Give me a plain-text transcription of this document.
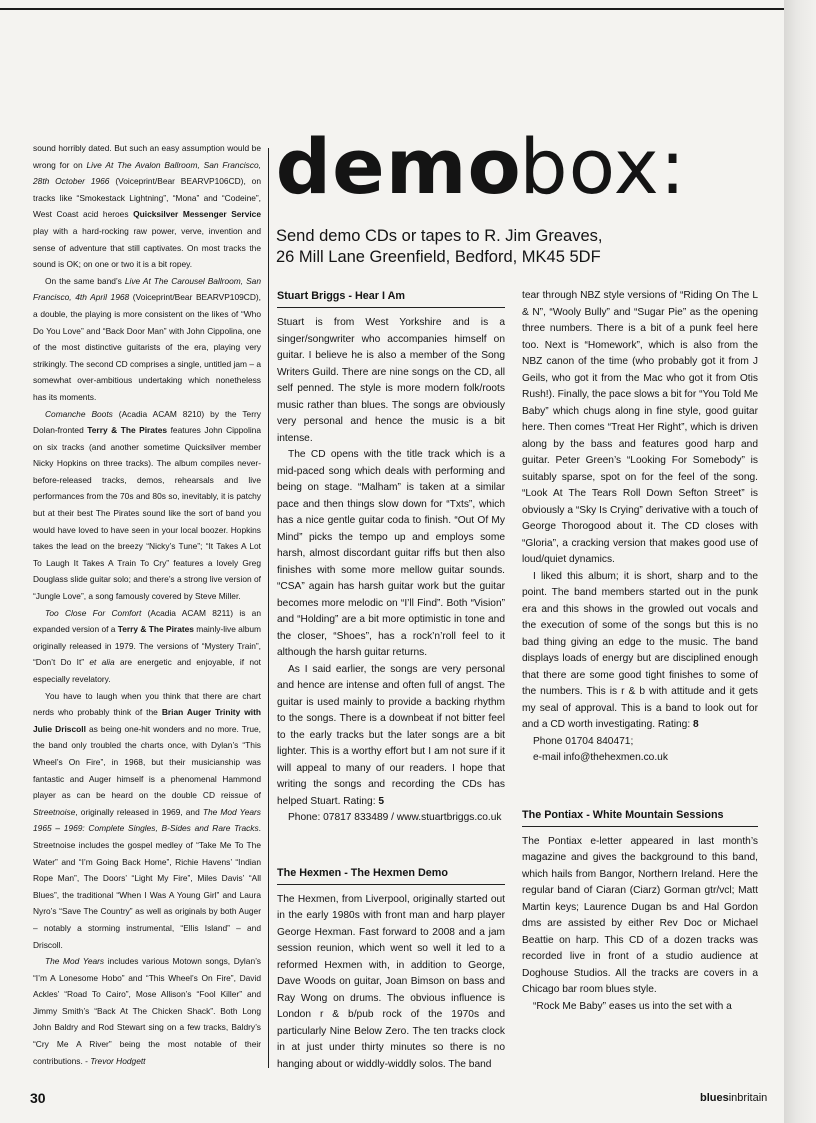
sound horribly dated. But such an easy assumption would be wrong for on Live At The Avalon Ballroom, San Francisco, 28th October 1966 (Voiceprint/Bear BEARVP106CD), on tracks like “Smokestack Lightning”, “Mona” and “Codeine”, West Coast acid heroes Quicksilver Messenger Service play with a hard-rocking raw power, verve, invention and sense of adventure that still captivates. On most tracks the sound is OK; on one or two it is a bit ropey.

On the same band’s Live At The Carousel Ballroom, San Francisco, 4th April 1968 (Voiceprint/Bear BEARVP109CD), a double, the playing is more consistent on the likes of “Who Do You Love” and “Back Door Man” with John Cippolina, one of the most distinctive guitarists of the era, playing very strikingly. The second CD comprises a single, untitled jam – a somewhat over-ambitious undertaking which nonetheless has its moments.

Comanche Boots (Acadia ACAM 8210) by the Terry Dolan-fronted Terry & The Pirates features John Cippolina on six tracks (and another sometime Quicksilver member Nicky Hopkins on three tracks). The album compiles never-before-released tracks, demos, rehearsals and live performances from the 70s and 80s so, inevitably, it is patchy but at their best The Pirates sound like the sort of band you would have loved to have seen in your local boozer. Hopkins takes the lead on the breezy “Nicky’s Tune”; “It Takes A Lot To Laugh It Takes A Train To Cry” features a lovely Greg Douglass slide guitar solo; and there’s a strong live version of “Jungle Love”, a song famously covered by Steve Miller.

Too Close For Comfort (Acadia ACAM 8211) is an expanded version of a Terry & The Pirates mainly-live album originally released in 1979. The versions of “Mystery Train”, “Don’t Do It” et alia are energetic and enjoyable, if not especially revelatory.

You have to laugh when you think that there are chart nerds who probably think of the Brian Auger Trinity with Julie Driscoll as being one-hit wonders and no more. True, the band only troubled the charts once, with Dylan’s “This Wheel’s On Fire”, in 1968, but their musicianship was fantastic and Auger himself is a phenomenal Hammond player as can be heard on the double CD reissue of Streetnoise, originally released in 1969, and The Mod Years 1965 – 1969: Complete Singles, B-Sides and Rare Tracks. Streetnoise includes the gospel medley of “Take Me To The Water” and “I’m Going Back Home”, Richie Havens’ “Indian Rope Man”, The Doors’ “Light My Fire”, Miles Davis’ “All Blues”, the traditional “When I Was A Young Girl” and Laura Nyro’s “Save The Country” as well as originals by both Auger – notably a storming instrumental, “Ellis Island” – and Driscoll.

The Mod Years includes various Motown songs, Dylan’s “I’m A Lonesome Hobo” and “This Wheel’s On Fire”, David Ackles’ “Road To Cairo”, Mose Allison’s “Fool Killer” and Jimmy Smith’s “Back At The Chicken Shack”. Both Long John Baldry and Rod Stewart sing on a few tracks, Baldry’s “Cry Me A River” being the most notable of their contributions. - Trevor Hodgett

demobox:

Send demo CDs or tapes to R. Jim Greaves,
26 Mill Lane Greenfield, Bedford, MK45 5DF

Stuart Briggs - Hear I Am

Stuart is from West Yorkshire and is a singer/songwriter who accompanies himself on guitar. I believe he is also a member of the Song Writers Guild. There are nine songs on the CD, all self penned. The style is more modern folk/roots music rather than blues. The songs are obviously very personal and hence the music is a bit intense.

The CD opens with the title track which is a mid-paced song which deals with performing and being on stage. “Malham” is taken at a similar pace and then things slow down for “Txts”, which has a nice gentle guitar coda to finish. “Out Of My Mind” picks the tempo up and employs some harsh, almost discordant guitar riffs but then also finishes with some more mellow guitar sounds. “CSA” again has harsh guitar work but the guitar becomes more melodic on “I’ll Find”. Both “Vision” and “Holding” are a bit more optimistic in tone and the closer, “Shoes”, has a rock’n’roll feel to it although the harsh guitar returns.

As I said earlier, the songs are very personal and hence are intense and often full of angst. The guitar is used mainly to provide a backing rhythm to the songs. There is a downbeat if not bitter feel to the early tracks but the later songs are a bit lighter. This is a worthy effort but I am not sure if it will appeal to many of our readers. I hope that writing the songs and recording the CDs has helped Stuart. Rating: 5

Phone: 07817 833489 / www.stuartbriggs.co.uk

The Hexmen - The Hexmen Demo

The Hexmen, from Liverpool, originally started out in the early 1980s with front man and harp player George Hexman. Fast forward to 2008 and a jam session reunion, which went so well it led to a reformed Hexmen with, in addition to George, Dave Woods on guitar, Joan Bimson on bass and Ray Wong on drums. The obvious influence is London r & b/pub rock of the 1970s and particularly Nine Below Zero. The ten tracks clock in at just under thirty minutes so there is no hanging about or widdly-widdly solos. The band

tear through NBZ style versions of “Riding On The L & N”, “Wooly Bully” and “Sugar Pie” as the opening three numbers. There is a bit of a punk feel here too. Next is “Homework”, which is also from the NBZ canon of the time (who probably got it from J Geils, who got it from the Mac who got it from Otis Rush!). Finally, the pace slows a bit for “You Told Me Baby” which chugs along in fine style, good guitar here. Then comes “Treat Her Right”, which is driven along by the bass and features good harp and guitar. Peter Green’s “Looking For Somebody” is suitably sparse, spot on for the feel of the song. “Look At The Tears Roll Down Sefton Street” is obviously a “Sky Is Crying” derivative with a touch of George Thorogood about it. The CD closes with “Gloria”, a cracking version that makes good use of loud/quiet dynamics.

I liked this album; it is short, sharp and to the point. The band members started out in the punk era and this shows in the growled out vocals and the execution of some of the songs but this is no bad thing giving an edge to the music. The band displays loads of energy but are disciplined enough that there are some good tight finishes to some of the numbers. This is r & b with attitude and it gets my seal of approval. This is a band to look out for and a CD worth investigating. Rating: 8

Phone 01704 840471;

e-mail info@thehexmen.co.uk

The Pontiax - White Mountain Sessions

The Pontiax e-letter appeared in last month’s magazine and gives the background to this band, which hails from Bangor, Northern Ireland. Here the regular band of Ciaran (Ciarz) Gorman gtr/vcl; Matt Martin keys; Laurence Dugan bs and Hal Gordon dms are assisted by either Rev Doc or Michael Beattie on harp. This CD of a dozen tracks was recorded live in front of a studio audience at Doghouse Studios. All the tracks are covers in a Chicago bar room blues style.

“Rock Me Baby” eases us into the set with a

30	bluesinbritain
